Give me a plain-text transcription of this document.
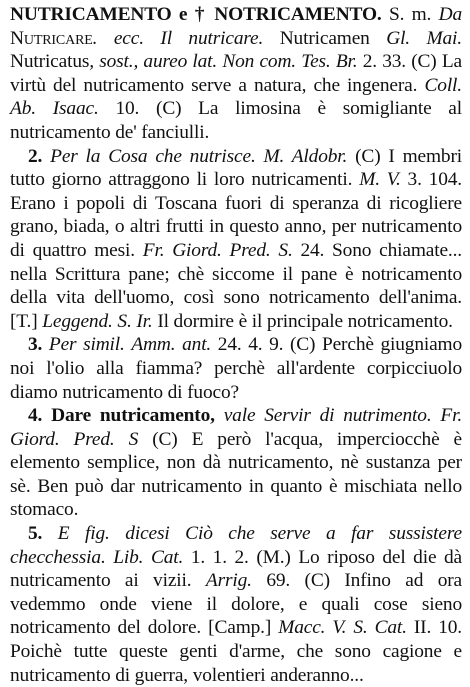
NUTRICAMENTO e † NOTRICAMENTO. S. m. Da Nutricare. ecc. Il nutricare. Nutricamen Gl. Mai. Nutricatus, sost., aureo lat. Non com. Tes. Br. 2. 33. (C) La virtù del nutricamento serve a natura, che ingenera. Coll. Ab. Isaac. 10. (C) La limosina è somigliante al nutricamento de' fanciulli.

2. Per la Cosa che nutrisce. M. Aldobr. (C) I membri tutto giorno attraggono li loro nutricamenti. M. V. 3. 104. Erano i popoli di Toscana fuori di speranza di ricogliere grano, biada, o altri frutti in questo anno, per nutricamento di quattro mesi. Fr. Giord. Pred. S. 24. Sono chiamate... nella Scrittura pane; chè siccome il pane è notricamento della vita dell'uomo, così sono notricamento dell'anima. [T.] Leggend. S. Ir. Il dormire è il principale notricamento.

3. Per simil. Amm. ant. 24. 4. 9. (C) Perchè giugniamo noi l'olio alla fiamma? perchè all'ardente corpicciuolo diamo nutricamento di fuoco?

4. Dare nutricamento, vale Servir di nutrimento. Fr. Giord. Pred. S (C) E però l'acqua, imperciocchè è elemento semplice, non dà nutricamento, nè sustanza per sè. Ben può dar nutricamento in quanto è mischiata nello stomaco.

5. E fig. dicesi Ciò che serve a far sussistere checchessia. Lib. Cat. 1. 1. 2. (M.) Lo riposo del die dà nutricamento ai vizii. Arrig. 69. (C) Infino ad ora vedemmo onde viene il dolore, e quali cose sieno notricamento del dolore. [Camp.] Macc. V. S. Cat. II. 10. Poichè tutte queste genti d'arme, che sono cagione e nutricamento di guerra, volentieri anderanno...
